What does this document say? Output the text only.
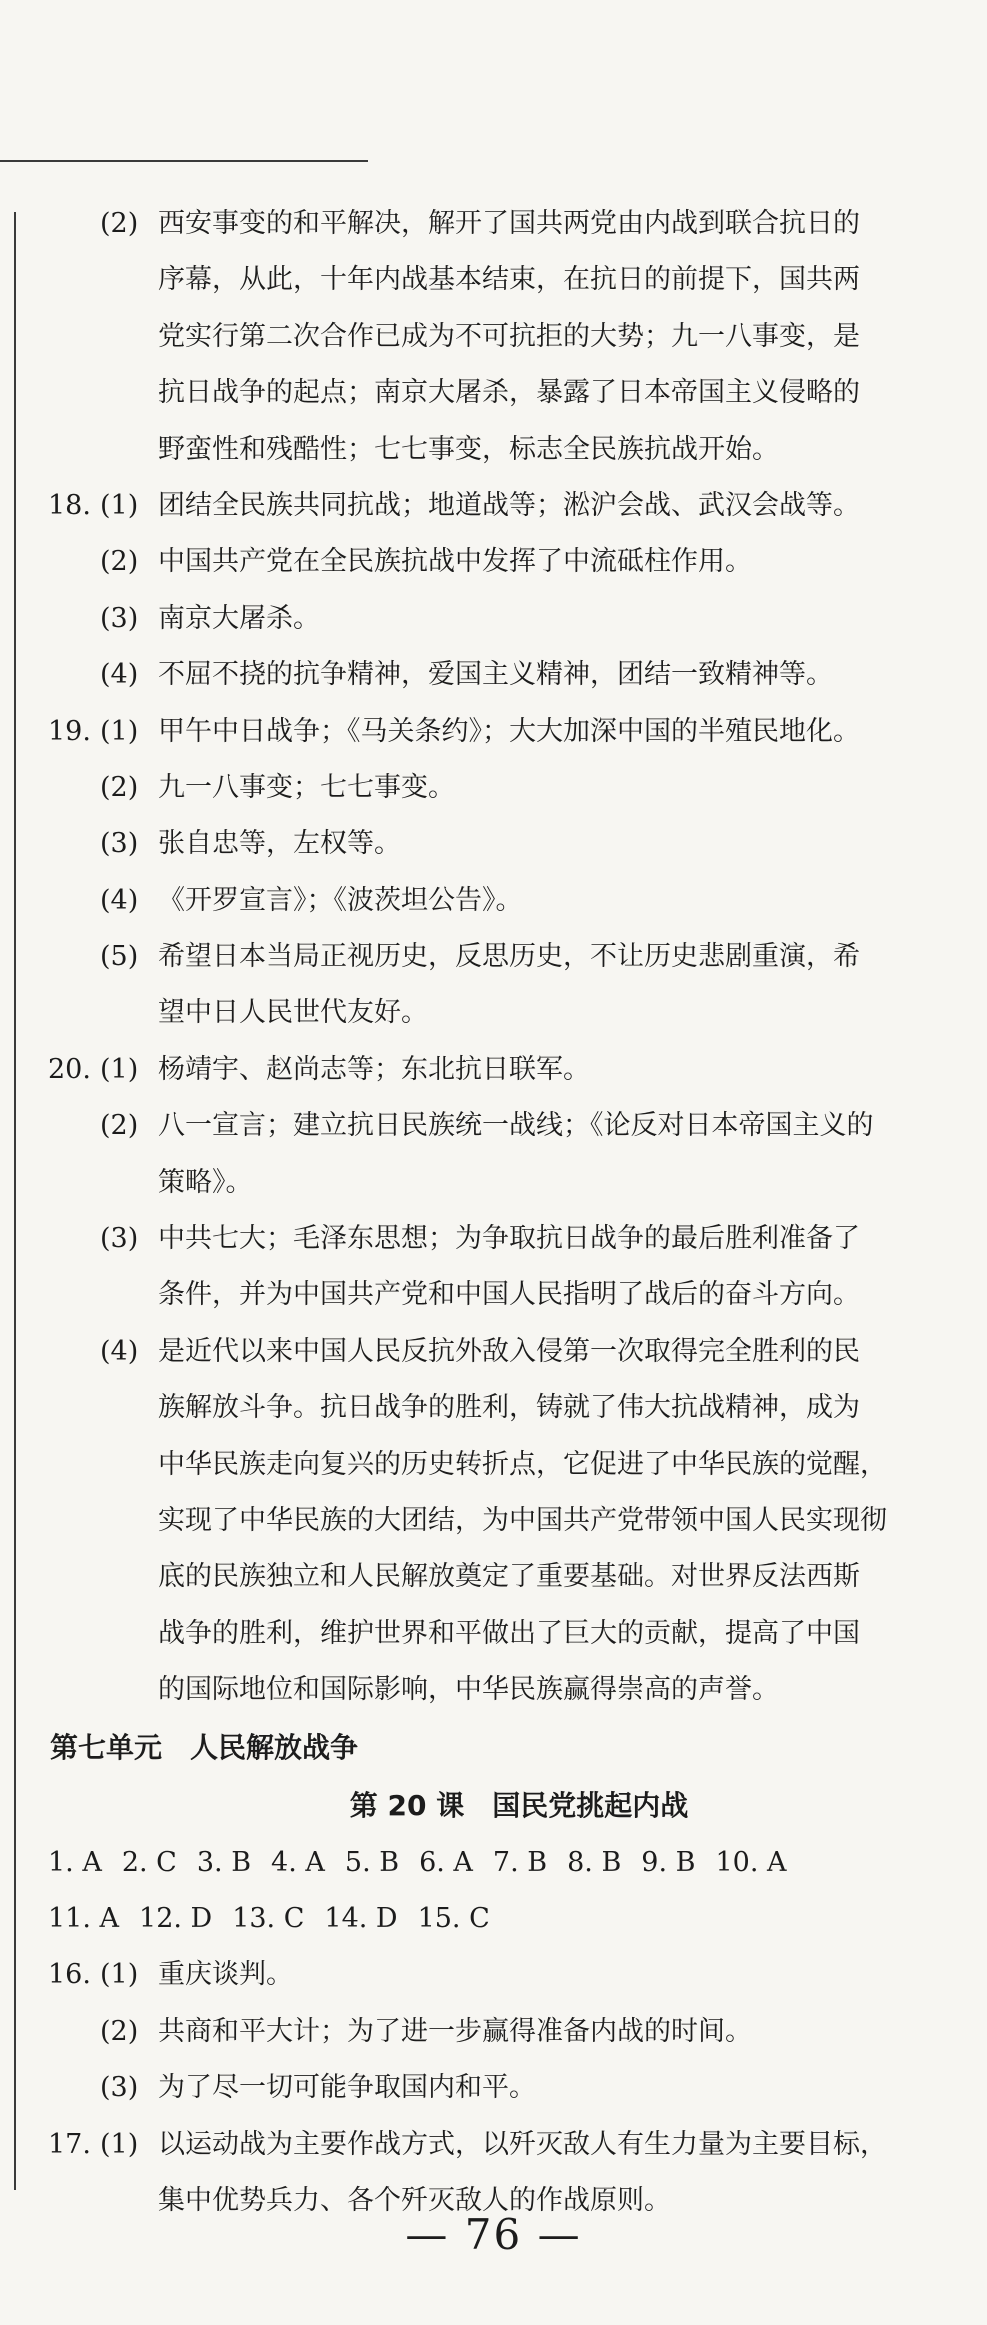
(2) 西安事变的和平解决，解开了国共两党由内战到联合抗日的
序幕，从此，十年内战基本结束，在抗日的前提下，国共两
党实行第二次合作已成为不可抗拒的大势；九一八事变，是
抗日战争的起点；南京大屠杀，暴露了日本帝国主义侵略的
野蛮性和残酷性；七七事变，标志全民族抗战开始。
18. (1) 团结全民族共同抗战；地道战等；淞沪会战、武汉会战等。
(2) 中国共产党在全民族抗战中发挥了中流砥柱作用。
(3) 南京大屠杀。
(4) 不屈不挠的抗争精神，爱国主义精神，团结一致精神等。
19. (1) 甲午中日战争；《马关条约》；大大加深中国的半殖民地化。
(2) 九一八事变；七七事变。
(3) 张自忠等，左权等。
(4) 《开罗宣言》；《波茨坦公告》。
(5) 希望日本当局正视历史，反思历史，不让历史悲剧重演，希
望中日人民世代友好。
20. (1) 杨靖宇、赵尚志等；东北抗日联军。
(2) 八一宣言；建立抗日民族统一战线；《论反对日本帝国主义的
策略》。
(3) 中共七大；毛泽东思想；为争取抗日战争的最后胜利准备了
条件，并为中国共产党和中国人民指明了战后的奋斗方向。
(4) 是近代以来中国人民反抗外敌入侵第一次取得完全胜利的民
族解放斗争。抗日战争的胜利，铸就了伟大抗战精神，成为
中华民族走向复兴的历史转折点，它促进了中华民族的觉醒，
实现了中华民族的大团结，为中国共产党带领中国人民实现彻
底的民族独立和人民解放奠定了重要基础。对世界反法西斯
战争的胜利，维护世界和平做出了巨大的贡献，提高了中国
的国际地位和国际影响，中华民族赢得崇高的声誉。
第七单元　人民解放战争
第 20 课　国民党挑起内战
1. A 2. C 3. B 4. A 5. B 6. A 7. B 8. B 9. B 10. A
11. A 12. D 13. C 14. D 15. C
16. (1) 重庆谈判。
(2) 共商和平大计；为了进一步赢得准备内战的时间。
(3) 为了尽一切可能争取国内和平。
17. (1) 以运动战为主要作战方式，以歼灭敌人有生力量为主要目标，
集中优势兵力、各个歼灭敌人的作战原则。
— 76 —
